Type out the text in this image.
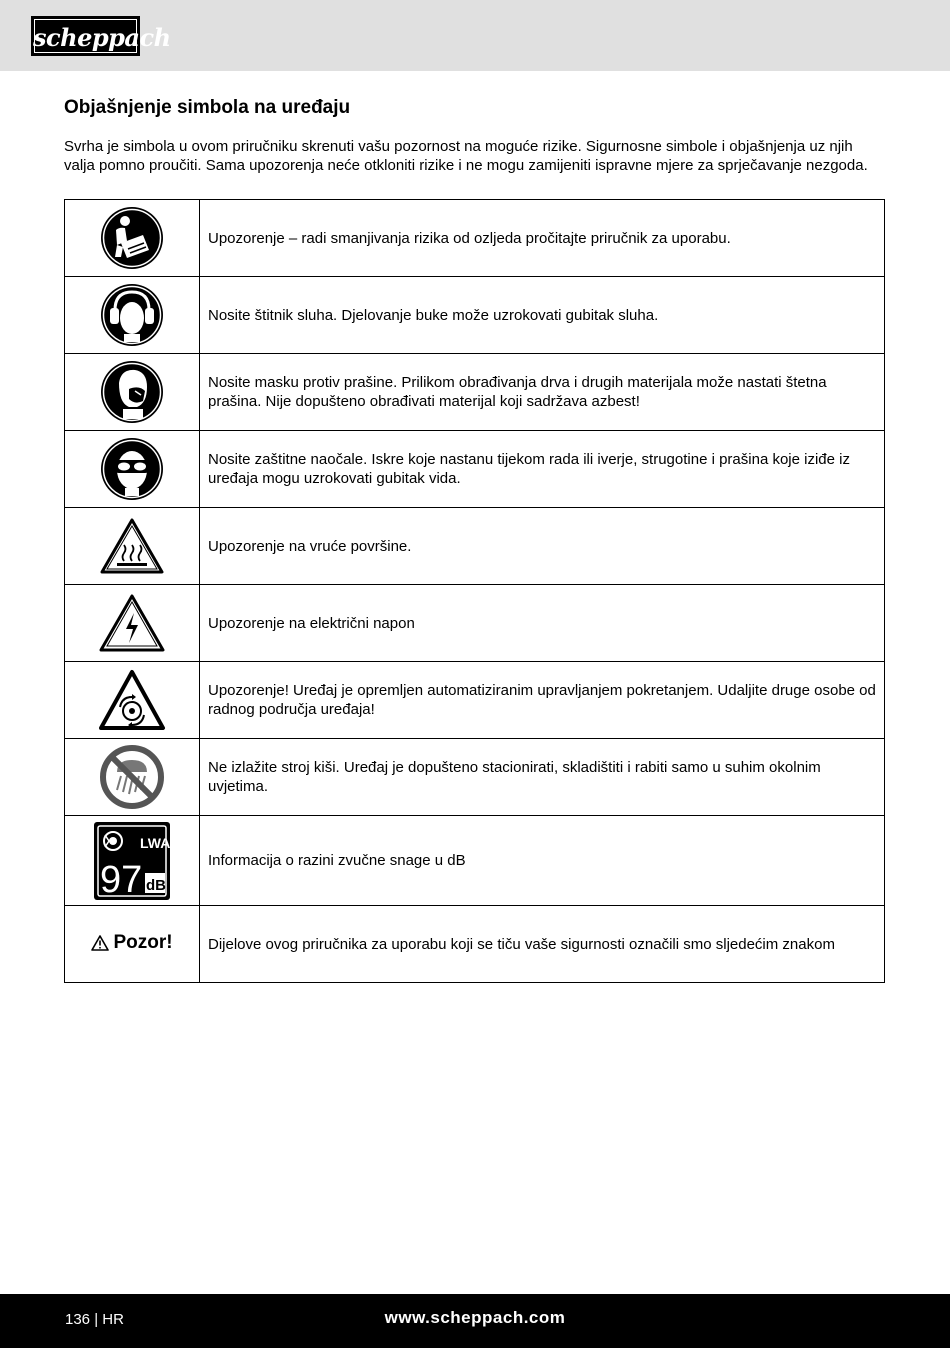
scheppach
Objašnjenje simbola na uređaju

Svrha je simbola u ovom priručniku skrenuti vašu pozornost na moguće rizike. Sigurnosne simbole i objašnjenja uz njih valja pomno proučiti. Sama upozorenja neće otkloniti rizike i ne mogu zamijeniti ispravne mjere za sprječavanje nezgoda.

	Upozorenje – radi smanjivanja rizika od ozljeda pročitajte priručnik za uporabu.

	Nosite štitnik sluha. Djelovanje buke može uzrokovati gubitak sluha.

	Nosite masku protiv prašine. Prilikom obrađivanja drva i drugih materijala može nastati štetna prašina. Nije dopušteno obrađivati materijal koji sadržava azbest!

	Nosite zaštitne naočale. Iskre koje nastanu tijekom rada ili iverje, strugotine i prašina koje iziđe iz uređaja mogu uzrokovati gubitak vida.

	Upozorenje na vruće površine.

	Upozorenje na električni napon

	Upozorenje! Uređaj je opremljen automatiziranim upravljanjem pokretanjem. Udaljite druge osobe od radnog područja uređaja!

	Ne izlažite stroj kiši. Uređaj je dopušteno stacionirati, skladištiti i rabiti samo u suhim okolnim uvjetima.

LWA
97 dB	Informacija o razini zvučne snage u dB

Pozor!	Dijelove ovog priručnika za uporabu koji se tiču vaše sigurnosti označili smo sljedećim znakom
136 | HR	www.scheppach.com
